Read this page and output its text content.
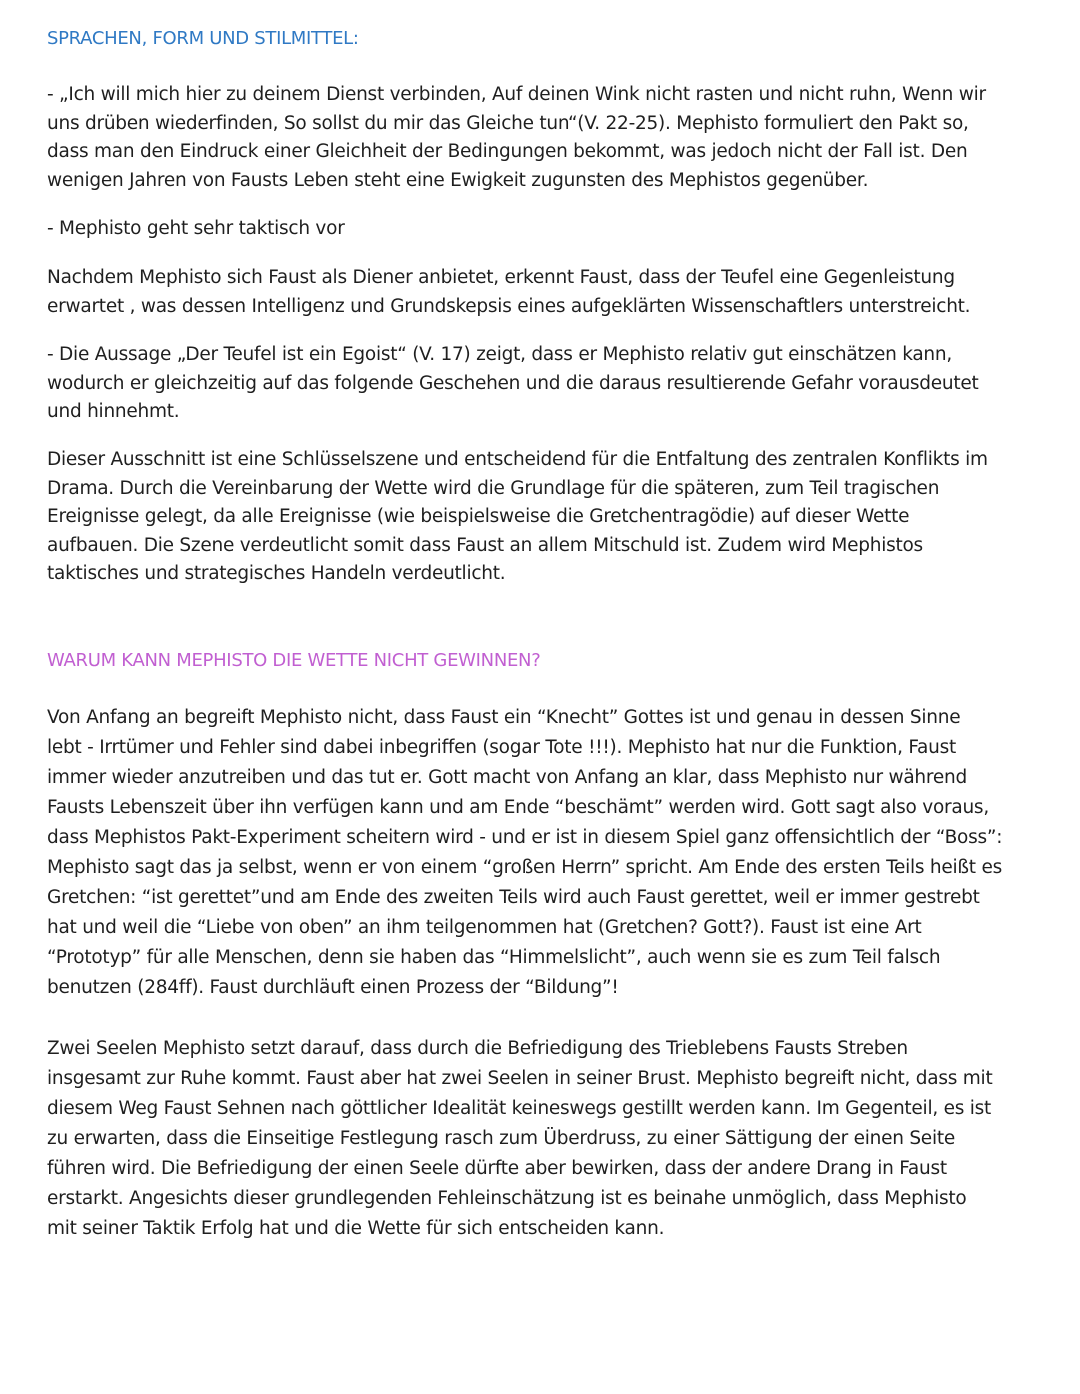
SPRACHEN, FORM UND STILMITTEL:

- „Ich will mich hier zu deinem Dienst verbinden, Auf deinen Wink nicht rasten und nicht ruhn, Wenn wir
uns drüben wiederfinden, So sollst du mir das Gleiche tun“(V. 22-25). Mephisto formuliert den Pakt so,
dass man den Eindruck einer Gleichheit der Bedingungen bekommt, was jedoch nicht der Fall ist. Den
wenigen Jahren von Fausts Leben steht eine Ewigkeit zugunsten des Mephistos gegenüber.

- Mephisto geht sehr taktisch vor

Nachdem Mephisto sich Faust als Diener anbietet, erkennt Faust, dass der Teufel eine Gegenleistung
erwartet , was dessen Intelligenz und Grundskepsis eines aufgeklärten Wissenschaftlers unterstreicht.

- Die Aussage „Der Teufel ist ein Egoist“ (V. 17) zeigt, dass er Mephisto relativ gut einschätzen kann,
wodurch er gleichzeitig auf das folgende Geschehen und die daraus resultierende Gefahr vorausdeutet
und hinnehmt.

Dieser Ausschnitt ist eine Schlüsselszene und entscheidend für die Entfaltung des zentralen Konflikts im
Drama. Durch die Vereinbarung der Wette wird die Grundlage für die späteren, zum Teil tragischen
Ereignisse gelegt, da alle Ereignisse (wie beispielsweise die Gretchentragödie) auf dieser Wette
aufbauen. Die Szene verdeutlicht somit dass Faust an allem Mitschuld ist. Zudem wird Mephistos
taktisches und strategisches Handeln verdeutlicht.

WARUM KANN MEPHISTO DIE WETTE NICHT GEWINNEN?

Von Anfang an begreift Mephisto nicht, dass Faust ein “Knecht” Gottes ist und genau in dessen Sinne
lebt - Irrtümer und Fehler sind dabei inbegriffen (sogar Tote !!!). Mephisto hat nur die Funktion, Faust
immer wieder anzutreiben und das tut er. Gott macht von Anfang an klar, dass Mephisto nur während
Fausts Lebenszeit über ihn verfügen kann und am Ende “beschämt” werden wird. Gott sagt also voraus,
dass Mephistos Pakt-Experiment scheitern wird - und er ist in diesem Spiel ganz offensichtlich der “Boss”:
Mephisto sagt das ja selbst, wenn er von einem “großen Herrn” spricht. Am Ende des ersten Teils heißt es
Gretchen: “ist gerettet”und am Ende des zweiten Teils wird auch Faust gerettet, weil er immer gestrebt
hat und weil die “Liebe von oben” an ihm teilgenommen hat (Gretchen? Gott?). Faust ist eine Art
“Prototyp” für alle Menschen, denn sie haben das “Himmelslicht”, auch wenn sie es zum Teil falsch
benutzen (284ff). Faust durchläuft einen Prozess der “Bildung”!

Zwei Seelen Mephisto setzt darauf, dass durch die Befriedigung des Trieblebens Fausts Streben
insgesamt zur Ruhe kommt. Faust aber hat zwei Seelen in seiner Brust. Mephisto begreift nicht, dass mit
diesem Weg Faust Sehnen nach göttlicher Idealität keineswegs gestillt werden kann. Im Gegenteil, es ist
zu erwarten, dass die Einseitige Festlegung rasch zum Überdruss, zu einer Sättigung der einen Seite
führen wird. Die Befriedigung der einen Seele dürfte aber bewirken, dass der andere Drang in Faust
erstarkt. Angesichts dieser grundlegenden Fehleinschätzung ist es beinahe unmöglich, dass Mephisto
mit seiner Taktik Erfolg hat und die Wette für sich entscheiden kann.
